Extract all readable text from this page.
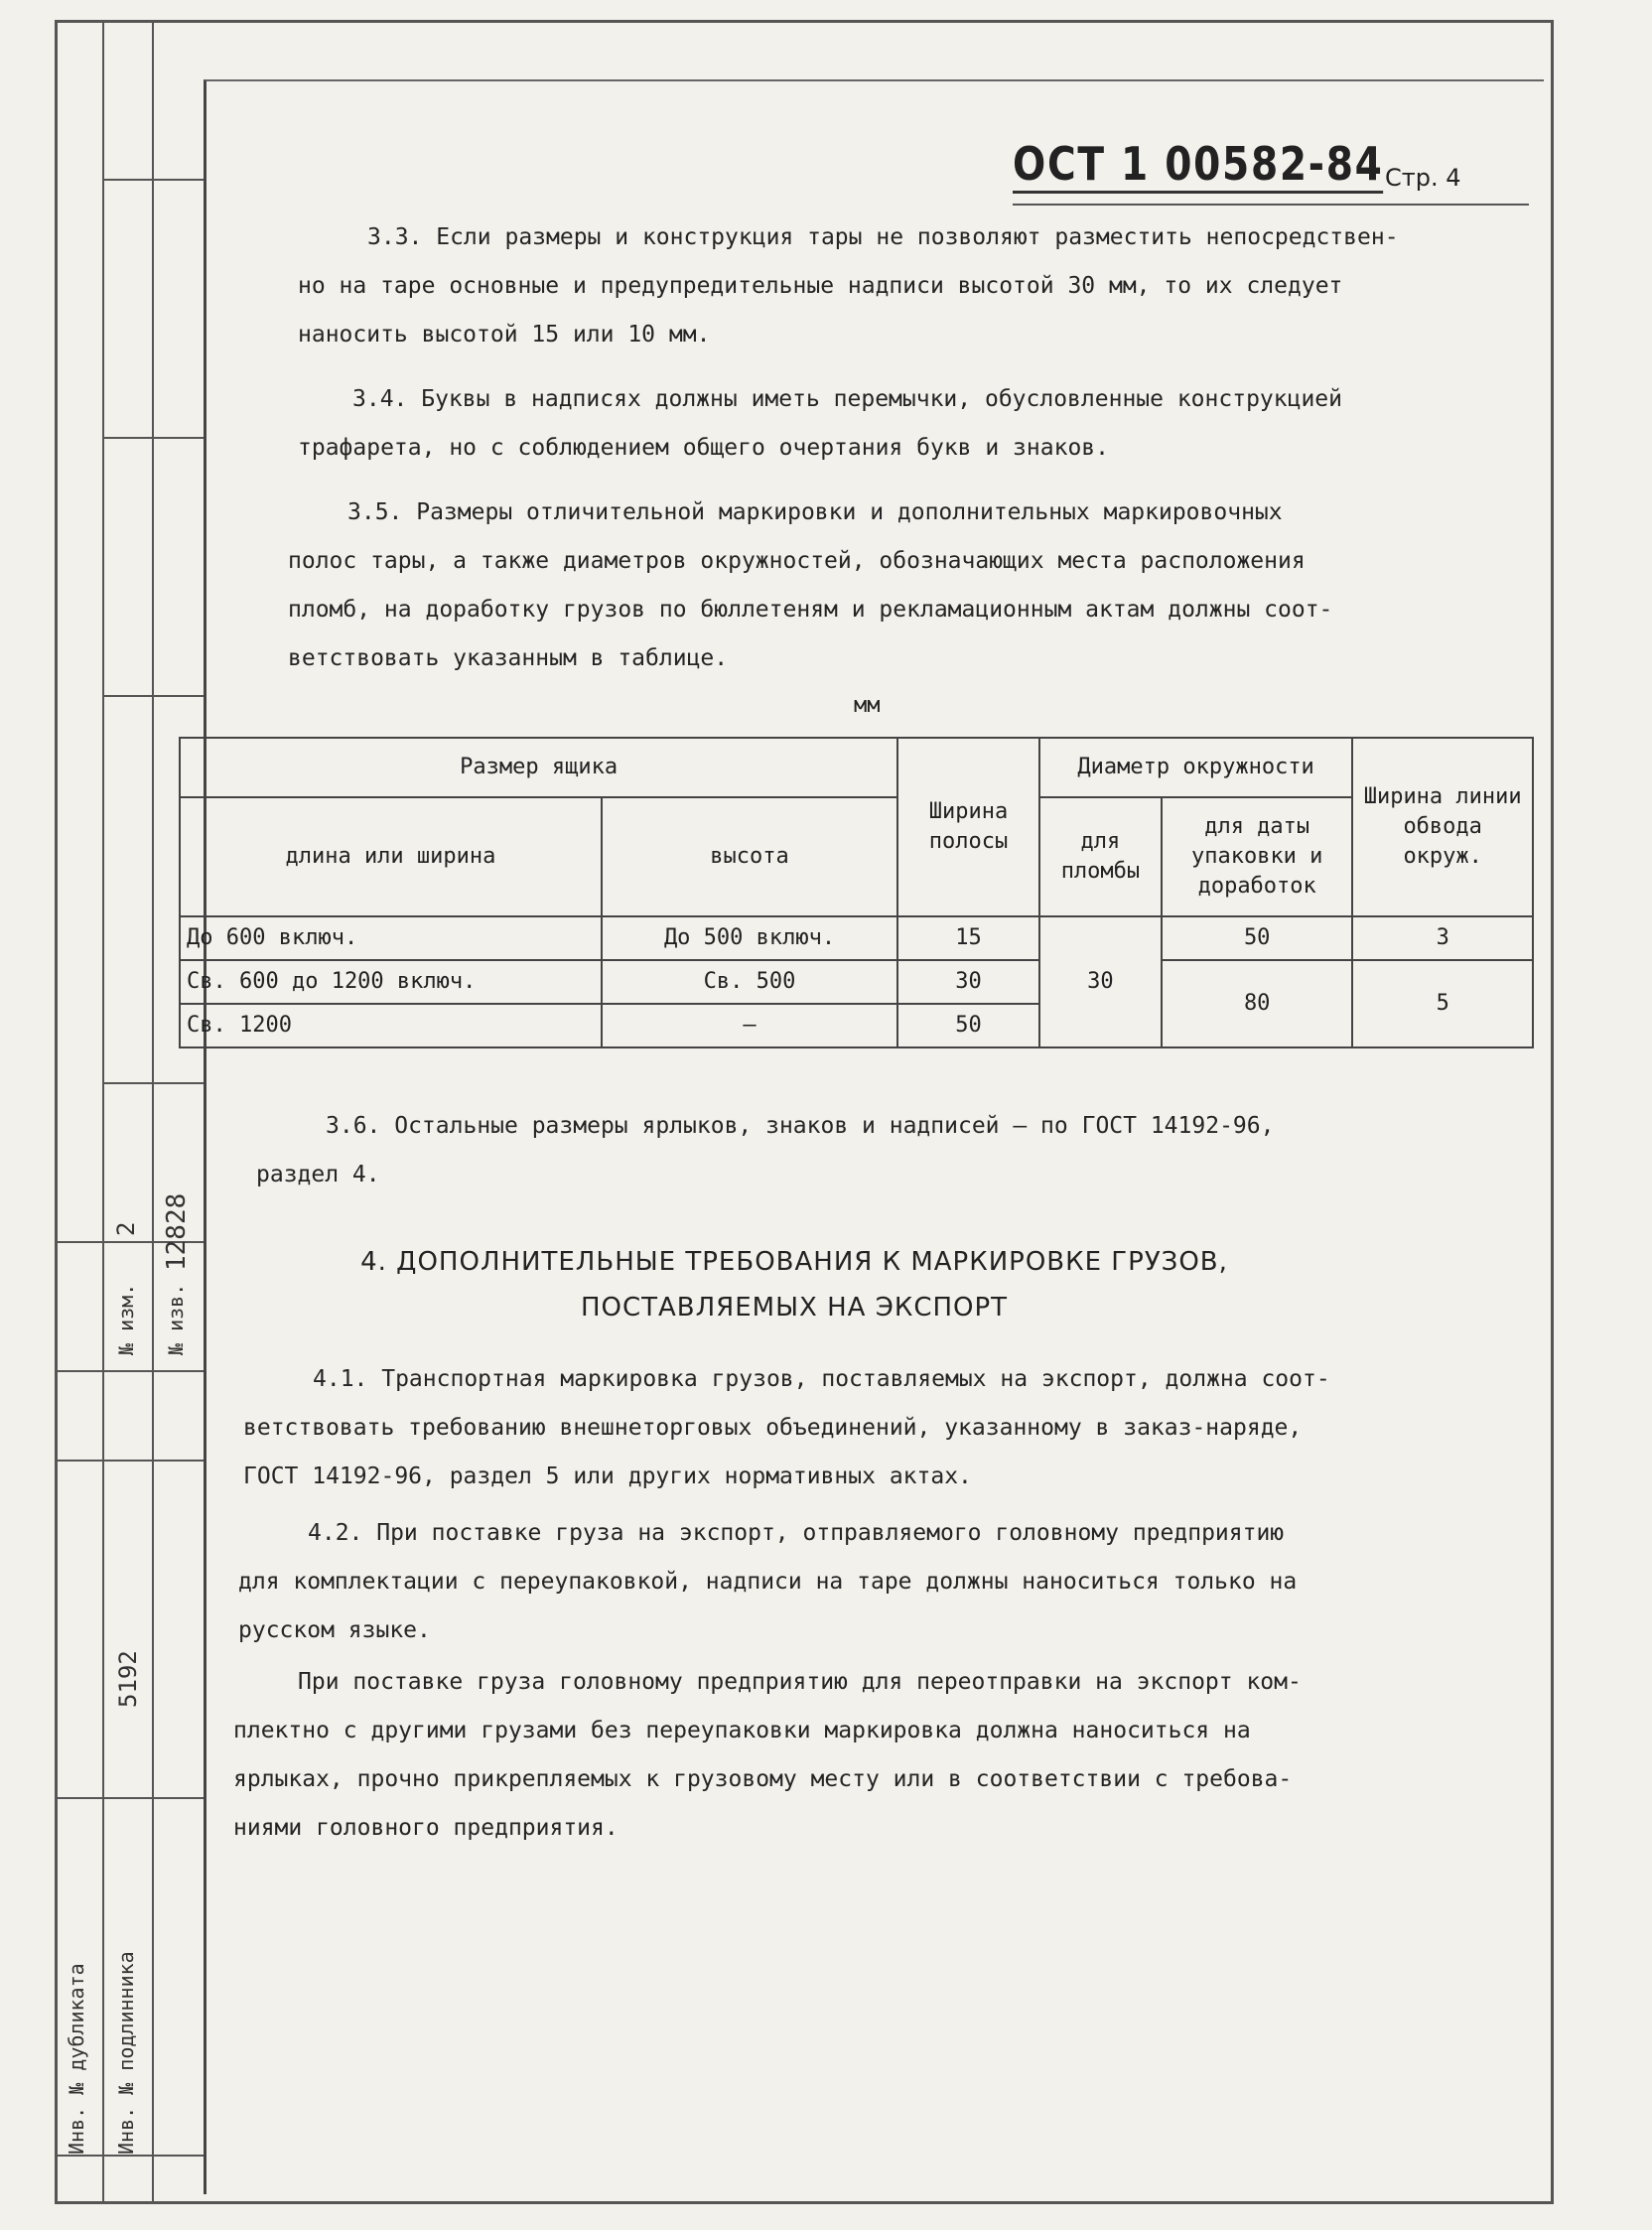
№ изм.
2
№ изв.
12828
Инв. № дубликата Инв. № подлинника
5192
ОСТ 1 00582-84 Стр. 4
3.3. Если размеры и конструкция тары не позволяют разместить непосредствен-
но на таре основные и предупредительные надписи высотой 30 мм, то их следует
наносить высотой 15 или 10 мм.
3.4. Буквы в надписях должны иметь перемычки, обусловленные конструкцией
трафарета, но с соблюдением общего очертания букв и знаков.
3.5. Размеры отличительной маркировки и дополнительных маркировочных
полос тары, а также диаметров окружностей, обозначающих места расположения
пломб, на доработку грузов по бюллетеням и рекламационным актам должны соот-
ветствовать указанным в таблице.
мм
Размер ящика		Ширина полосы	Диаметр окружности		Ширина линии обвода окруж.
длина или ширина	высота		для пломбы	для даты упаковки и доработок	
До 600 включ.	До 500 включ.	15	30	50	3
Св. 600 до 1200 включ.	Св. 500	30		80	5
Св. 1200	–	50			
3.6. Остальные размеры ярлыков, знаков и надписей – по ГОСТ 14192-96,
раздел 4.
4. ДОПОЛНИТЕЛЬНЫЕ ТРЕБОВАНИЯ К МАРКИРОВКЕ ГРУЗОВ,
ПОСТАВЛЯЕМЫХ НА ЭКСПОРТ
4.1. Транспортная маркировка грузов, поставляемых на экспорт, должна соот-
ветствовать требованию внешнеторговых объединений, указанному в заказ-наряде,
ГОСТ 14192-96, раздел 5 или других нормативных актах.
4.2. При поставке груза на экспорт, отправляемого головному предприятию
для комплектации с переупаковкой, надписи на таре должны наноситься только на
русском языке.
При поставке груза головному предприятию для переотправки на экспорт ком-
плектно с другими грузами без переупаковки маркировка должна наноситься на
ярлыках, прочно прикрепляемых к грузовому месту или в соответствии с требова-
ниями головного предприятия.
